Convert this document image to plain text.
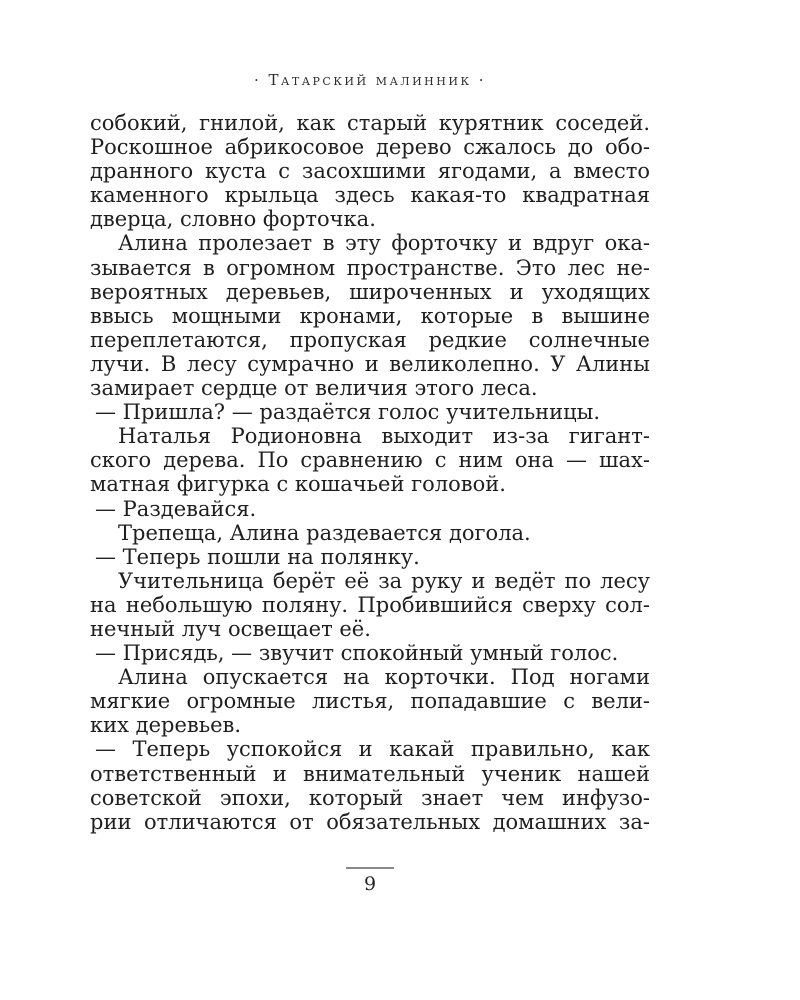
· Татарский малинник ·
собокий, гнилой, как старый курятник соседей.
Роскошное абрикосовое дерево сжалось до обо-
дранного куста с засохшими ягодами, а вместо
каменного крыльца здесь какая-то квадратная
дверца, словно форточка.
Алина пролезает в эту форточку и вдруг ока-
зывается в огромном пространстве. Это лес не-
вероятных деревьев, широченных и уходящих
ввысь мощными кронами, которые в вышине
переплетаются, пропуская редкие солнечные
лучи. В лесу сумрачно и великолепно. У Алины
замирает сердце от величия этого леса.
— Пришла? — раздаётся голос учительницы.
Наталья Родионовна выходит из-за гигант-
ского дерева. По сравнению с ним она — шах-
матная фигурка с кошачьей головой.
— Раздевайся.
Трепеща, Алина раздевается догола.
— Теперь пошли на полянку.
Учительница берёт её за руку и ведёт по лесу
на небольшую поляну. Пробившийся сверху сол-
нечный луч освещает её.
— Присядь, — звучит спокойный умный голос.
Алина опускается на корточки. Под ногами
мягкие огромные листья, попадавшие с вели-
ких деревьев.
— Теперь успокойся и какай правильно, как
ответственный и внимательный ученик нашей
советской эпохи, который знает чем инфузо-
рии отличаются от обязательных домашних за-
9
